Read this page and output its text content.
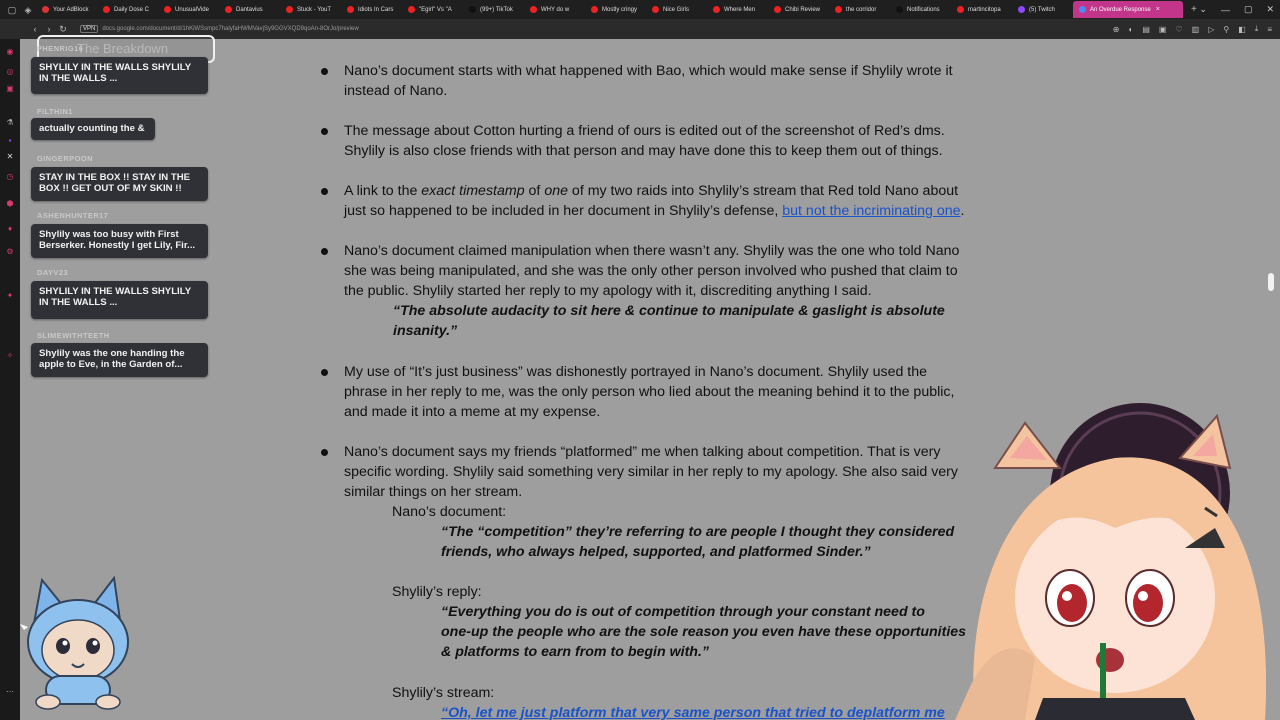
▢ ◈	Your AdBlock	Daily Dose C	UnusualVide	Dantavius	Stuck - YouT	Idiots In Cars	"Egirl" Vs "A	(99+) TikTok	WHY do w	Mostly cringy	Nice Girls	Where Men	Chibi Review	the corridor	Notifications	martincitopa	(5) Twitch	An Overdue Response ×	+ ⌄ — ▢ ✕
‹	› ↻	VPN	docs.google.com/document/d/1hKiWSsmpc7halyfaHWMVavjSy9GGVXQD9qoAn-8OrJo/preview	⊕ ◐ ▤ ▣ ♡ ▥ ▷ ⚲ ◧ ⤓ ≡
◉
◎
▣
⚗
▪
✕
◷
⬢
♦
⚙
✦
✧
⋯
Nano’s document starts with what happened with Bao, which would make sense if Shylily wrote it
instead of Nano.
The message about Cotton hurting a friend of ours is edited out of the screenshot of Red’s dms.
Shylily is also close friends with that person and may have done this to keep them out of things.
A link to the exact timestamp of one of my two raids into Shylily’s stream that Red told Nano about
just so happened to be included in her document in Shylily’s defense, but not the incriminating one.
Nano’s document claimed manipulation when there wasn’t any. Shylily was the one who told Nano
she was being manipulated, and she was the only other person involved who pushed that claim to
the public. Shylily started her reply to my apology with it, discrediting anything I said.
“The absolute audacity to sit here & continue to manipulate & gaslight is absolute
insanity.”
My use of “It’s just business” was dishonestly portrayed in Nano’s document. Shylily used the
phrase in her reply to me, was the only person who lied about the meaning behind it to the public,
and made it into a meme at my expense.
Nano’s document says my friends “platformed” me when talking about competition. That is very
specific wording. Shylily said something very similar in her reply to my apology. She also said very
similar things on her stream.
Nano’s document:
“The “competition” they’re referring to are people I thought they considered
friends, who always helped, supported, and platformed Sinder.”
Shylily’s reply:
“Everything you do is out of competition through your constant need to
one-up the people who are the sole reason you even have these opportunities
& platforms to earn from to begin with.”
Shylily’s stream:
“Oh, let me just platform that very same person that tried to deplatform me
The Breakdown
PHENRIG16
SHYLILY IN THE WALLS SHYLILY IN THE WALLS ...
FILTHIN1
actually counting the &
GINGERPOON
STAY IN THE BOX !! STAY IN THE BOX !! GET OUT OF MY SKIN !!
ASHENHUNTER17
Shylily was too busy with First Berserker. Honestly I get Lily, Fir...
DAYV23
SHYLILY IN THE WALLS SHYLILY IN THE WALLS ...
SLIMEWITHTEETH
Shylily was the one handing the apple to Eve, in the Garden of...
